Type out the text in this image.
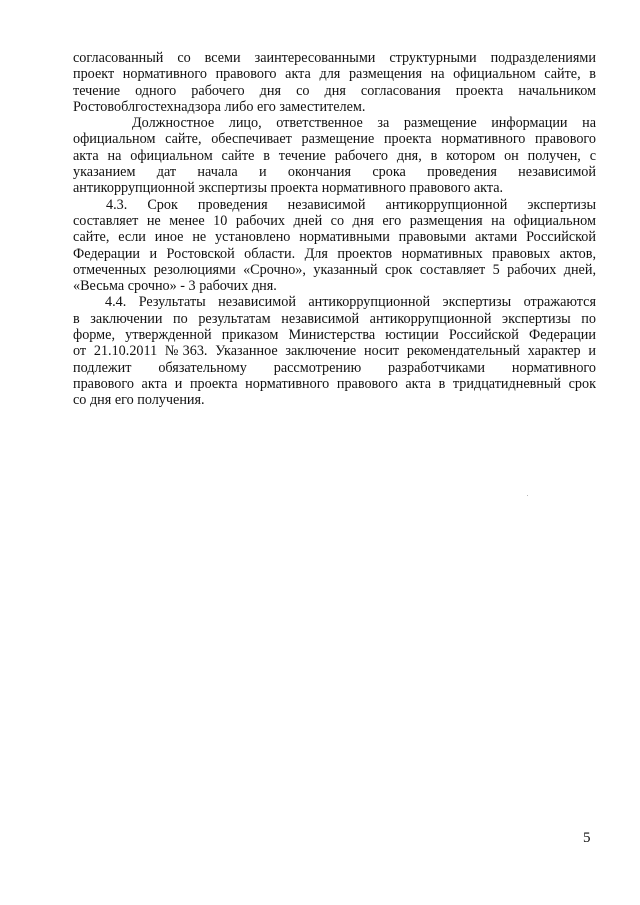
согласованный со всеми заинтересованными структурными подразделениями
проект нормативного правового акта для размещения на официальном сайте, в
течение одного рабочего дня со дня согласования проекта начальником
Ростовоблгостехнадзора либо его заместителем.
Должностное лицо, ответственное за размещение информации на
официальном сайте, обеспечивает размещение проекта нормативного правового
акта на официальном сайте в течение рабочего дня, в котором он получен, с
указанием дат начала и окончания срока проведения независимой
антикоррупционной экспертизы проекта нормативного правового акта.
4.3. Срок проведения независимой антикоррупционной экспертизы
составляет не менее 10 рабочих дней со дня его размещения на официальном
сайте, если иное не установлено нормативными правовыми актами Российской
Федерации и Ростовской области. Для проектов нормативных правовых актов,
отмеченных резолюциями «Срочно», указанный срок составляет 5 рабочих дней,
«Весьма срочно» - 3 рабочих дня.
4.4. Результаты независимой антикоррупционной экспертизы отражаются
в заключении по результатам независимой антикоррупционной экспертизы по
форме, утвержденной приказом Министерства юстиции Российской Федерации
от 21.10.2011 №363. Указанное заключение носит рекомендательный характер и
подлежит обязательному рассмотрению разработчиками нормативного
правового акта и проекта нормативного правового акта в тридцатидневный срок
со дня его получения.
5
